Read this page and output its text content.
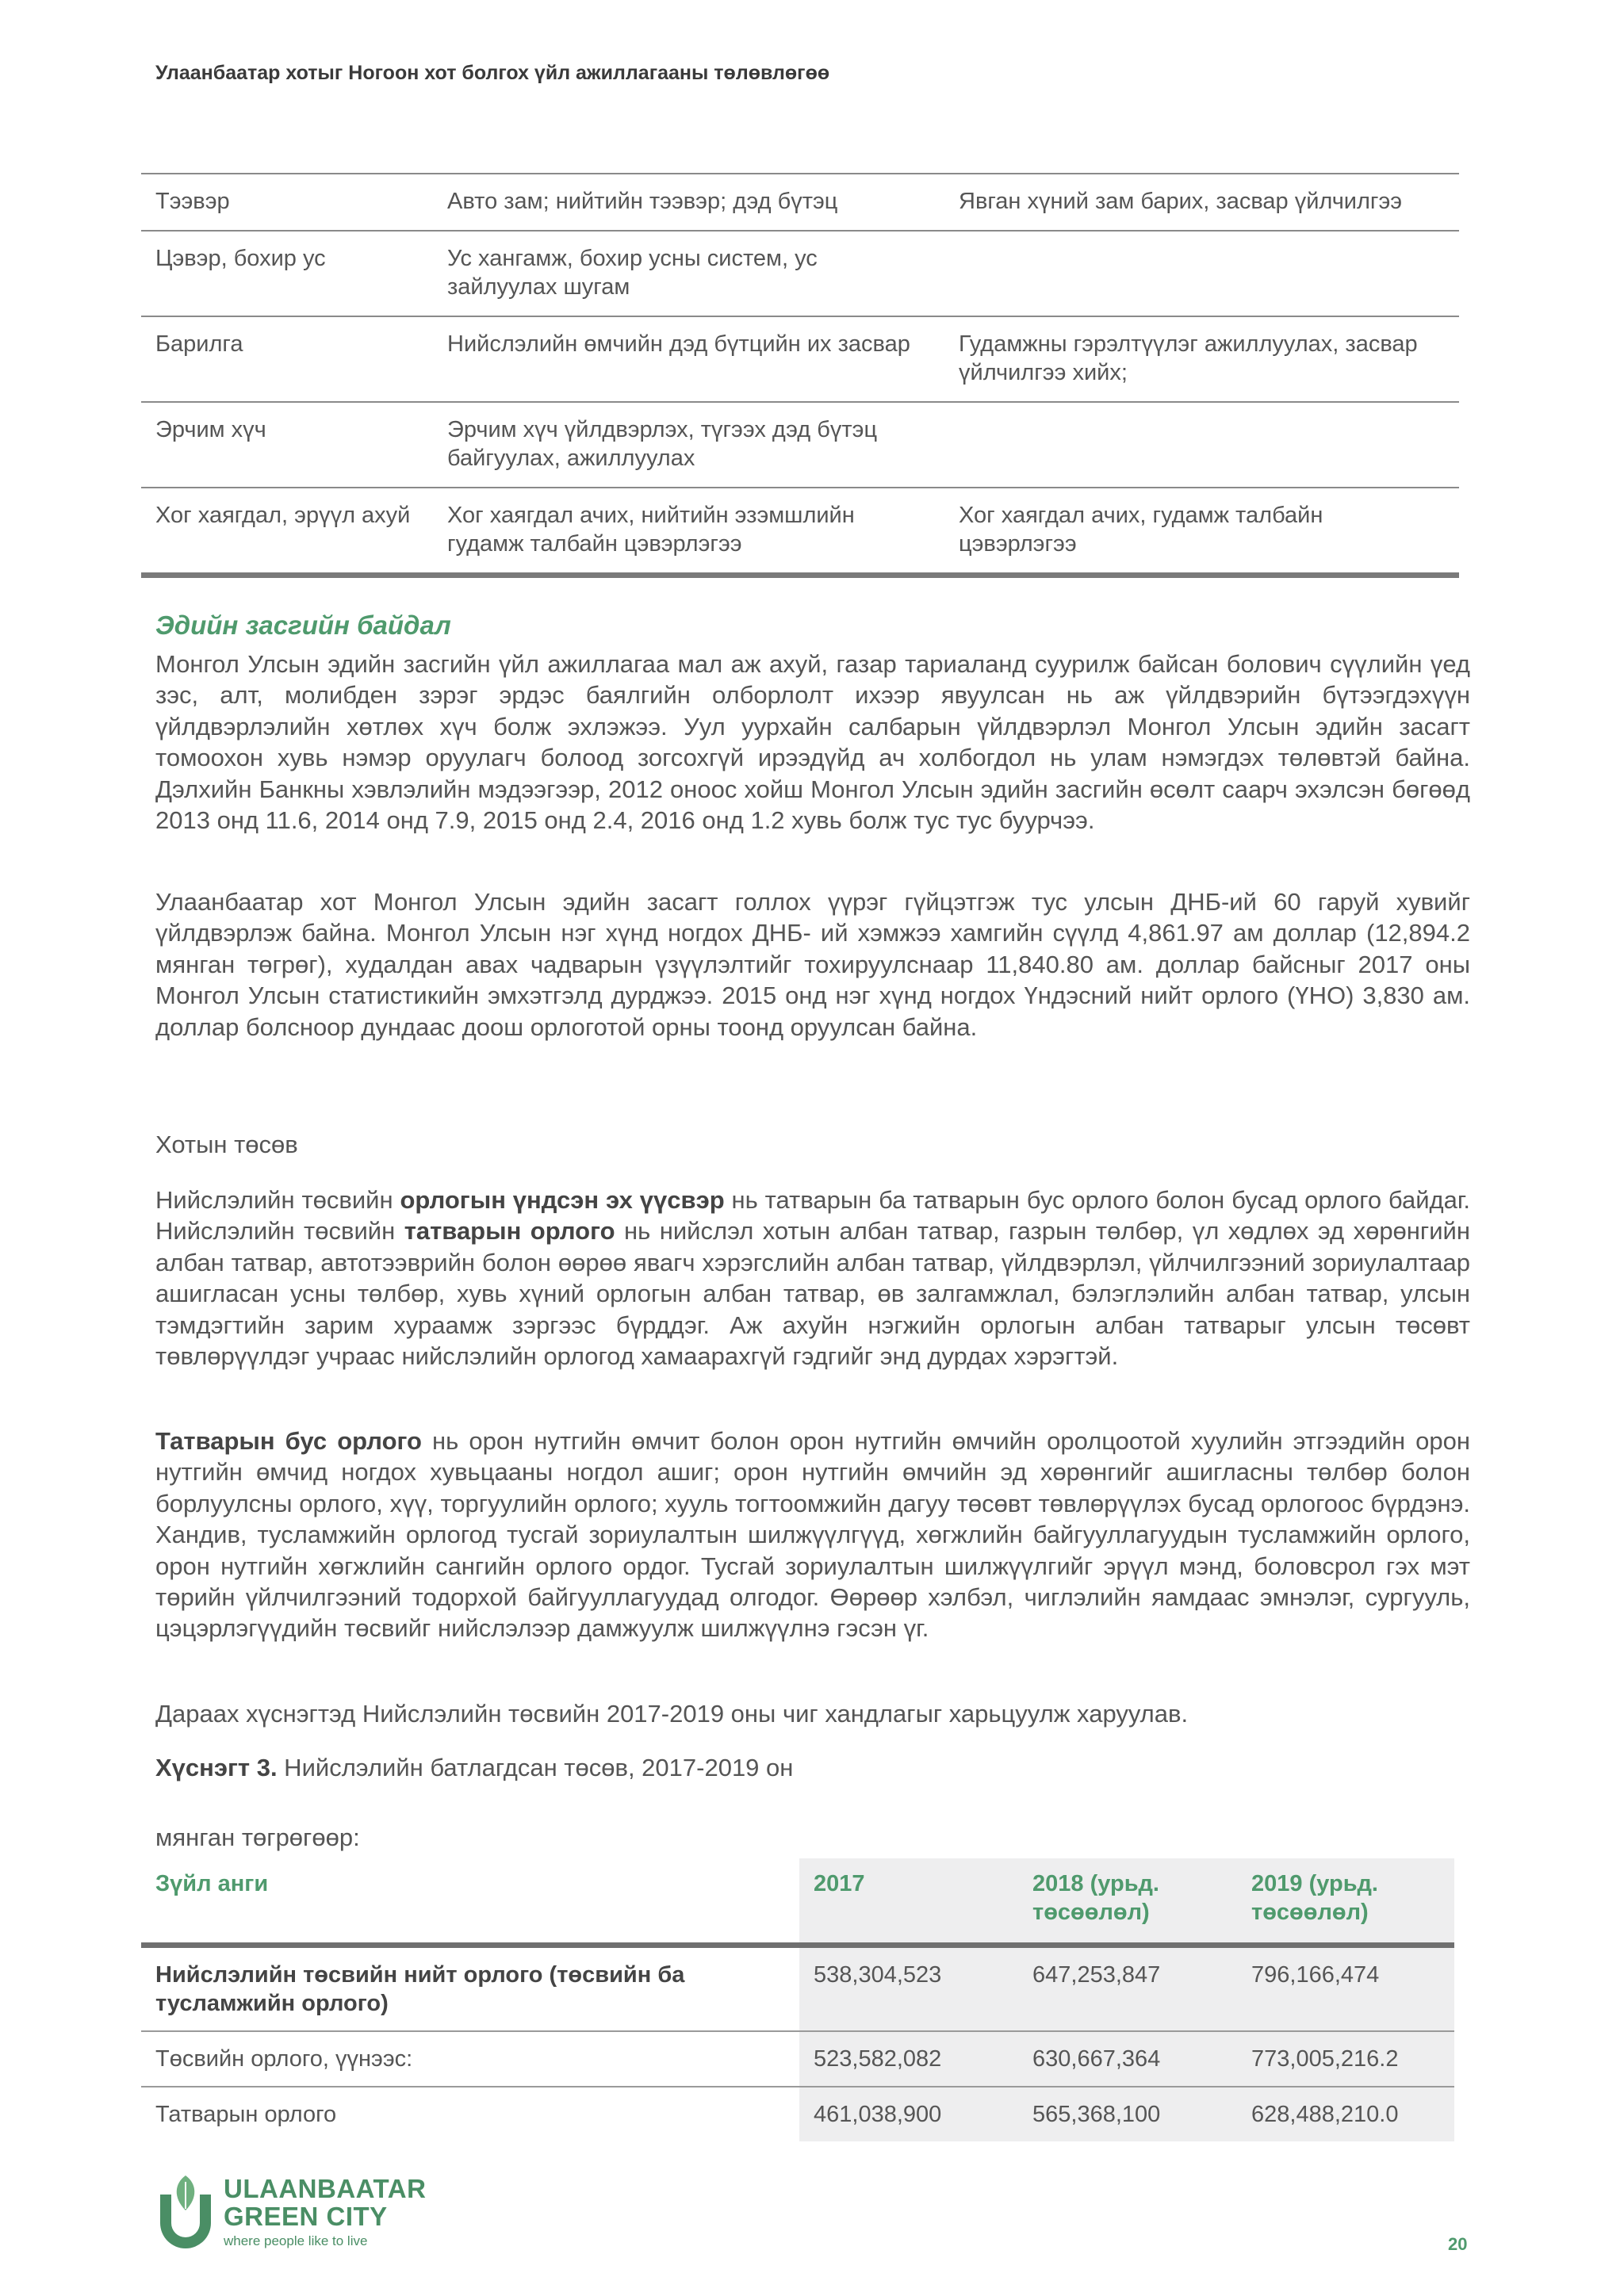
Улаанбаатар хотыг Ногоон хот болгох үйл ажиллагааны төлөвлөгөө
Тээвэр	Авто зам; нийтийн тээвэр; дэд бүтэц	Явган хүний зам барих, засвар үйлчилгээ
Цэвэр, бохир ус	Ус хангамж, бохир усны систем, ус зайлуулах шугам	
Барилга	Нийслэлийн өмчийн дэд бүтцийн их засвар	Гудамжны гэрэлтүүлэг ажиллуулах, засвар үйлчилгээ хийх;
Эрчим хүч	Эрчим хүч үйлдвэрлэх, түгээх дэд бүтэц байгуулах, ажиллуулах	
Хог хаягдал, эрүүл ахуй	Хог хаягдал ачих, нийтийн эзэмшлийн гудамж талбайн цэвэрлэгээ	Хог хаягдал ачих, гудамж талбайн цэвэрлэгээ
Эдийн засгийн байдал

Монгол Улсын эдийн засгийн үйл ажиллагаа мал аж ахуй, газар тариаланд суурилж байсан болович сүүлийн үед зэс, алт, молибден зэрэг эрдэс баялгийн олборлолт ихээр явуулсан нь аж үйлдвэрийн бүтээгдэхүүн үйлдвэрлэлийн хөтлөх хүч болж эхлэжээ. Уул уурхайн салбарын үйлдвэрлэл Монгол Улсын эдийн засагт томоохон хувь нэмэр оруулагч болоод зогсохгүй ирээдүйд ач холбогдол нь улам нэмэгдэх төлөвтэй байна. Дэлхийн Банкны хэвлэлийн мэдээгээр, 2012 оноос хойш Монгол Улсын эдийн засгийн өсөлт саарч эхэлсэн бөгөөд 2013 онд 11.6, 2014 онд 7.9, 2015 онд 2.4, 2016 онд 1.2 хувь болж тус тус буурчээ.

Улаанбаатар хот Монгол Улсын эдийн засагт голлох үүрэг гүйцэтгэж тус улсын ДНБ-ий 60 гаруй хувийг үйлдвэрлэж байна. Монгол Улсын нэг хүнд ногдох ДНБ- ий хэмжээ хамгийн сүүлд 4,861.97 ам доллар (12,894.2 мянган төгрөг), худалдан авах чадварын үзүүлэлтийг тохируулснаар 11,840.80 ам. доллар байсныг 2017 оны Монгол Улсын статистикийн эмхэтгэлд дурджээ. 2015 онд нэг хүнд ногдох Үндэсний нийт орлого (ҮНО) 3,830 ам. доллар болсноор дундаас доош орлоготой орны тоонд оруулсан байна.

Хотын төсөв

Нийслэлийн төсвийн орлогын үндсэн эх үүсвэр нь татварын ба татварын бус орлого болон бусад орлого байдаг. Нийслэлийн төсвийн татварын орлого нь нийслэл хотын албан татвар, газрын төлбөр, үл хөдлөх эд хөрөнгийн албан татвар, автотээврийн болон өөрөө явагч хэрэгслийн албан татвар, үйлдвэрлэл, үйлчилгээний зориулалтаар ашигласан усны төлбөр, хувь хүний орлогын албан татвар, өв залгамжлал, бэлэглэлийн албан татвар, улсын тэмдэгтийн зарим хураамж зэргээс бүрддэг. Аж ахуйн нэгжийн орлогын албан татварыг улсын төсөвт төвлөрүүлдэг учраас нийслэлийн орлогод хамаарахгүй гэдгийг энд дурдах хэрэгтэй.

Татварын бус орлого нь орон нутгийн өмчит болон орон нутгийн өмчийн оролцоотой хуулийн этгээдийн орон нутгийн өмчид ногдох хувьцааны ногдол ашиг; орон нутгийн өмчийн эд хөрөнгийг ашигласны төлбөр болон борлуулсны орлого, хүү, торгуулийн орлого; хууль тогтоомжийн дагуу төсөвт төвлөрүүлэх бусад орлогоос бүрдэнэ. Хандив, тусламжийн орлогод тусгай зориулалтын шилжүүлгүүд, хөгжлийн байгууллагуудын тусламжийн орлого, орон нутгийн хөгжлийн сангийн орлого ордог. Тусгай зориулалтын шилжүүлгийг эрүүл мэнд, боловсрол гэх мэт төрийн үйлчилгээний тодорхой байгууллагуудад олгодог. Өөрөөр хэлбэл, чиглэлийн яамдаас эмнэлэг, сургууль, цэцэрлэгүүдийн төсвийг нийслэлээр дамжуулж шилжүүлнэ гэсэн үг.

Дараах хүснэгтэд Нийслэлийн төсвийн 2017-2019 оны чиг хандлагыг харьцуулж харуулав.

Хүснэгт 3. Нийслэлийн батлагдсан төсөв, 2017-2019 он

мянган төгрөгөөр:

Зүйл анги	2017	2018 (урьд. төсөөлөл)	2019 (урьд. төсөөлөл)
Нийслэлийн төсвийн нийт орлого (төсвийн ба тусламжийн орлого)	538,304,523	647,253,847	796,166,474
Төсвийн орлого, үүнээс:	523,582,082	630,667,364	773,005,216.2
Татварын орлого	461,038,900	565,368,100	628,488,210.0
ULAANBAATAR
GREEN CITY
where people like to live	20
